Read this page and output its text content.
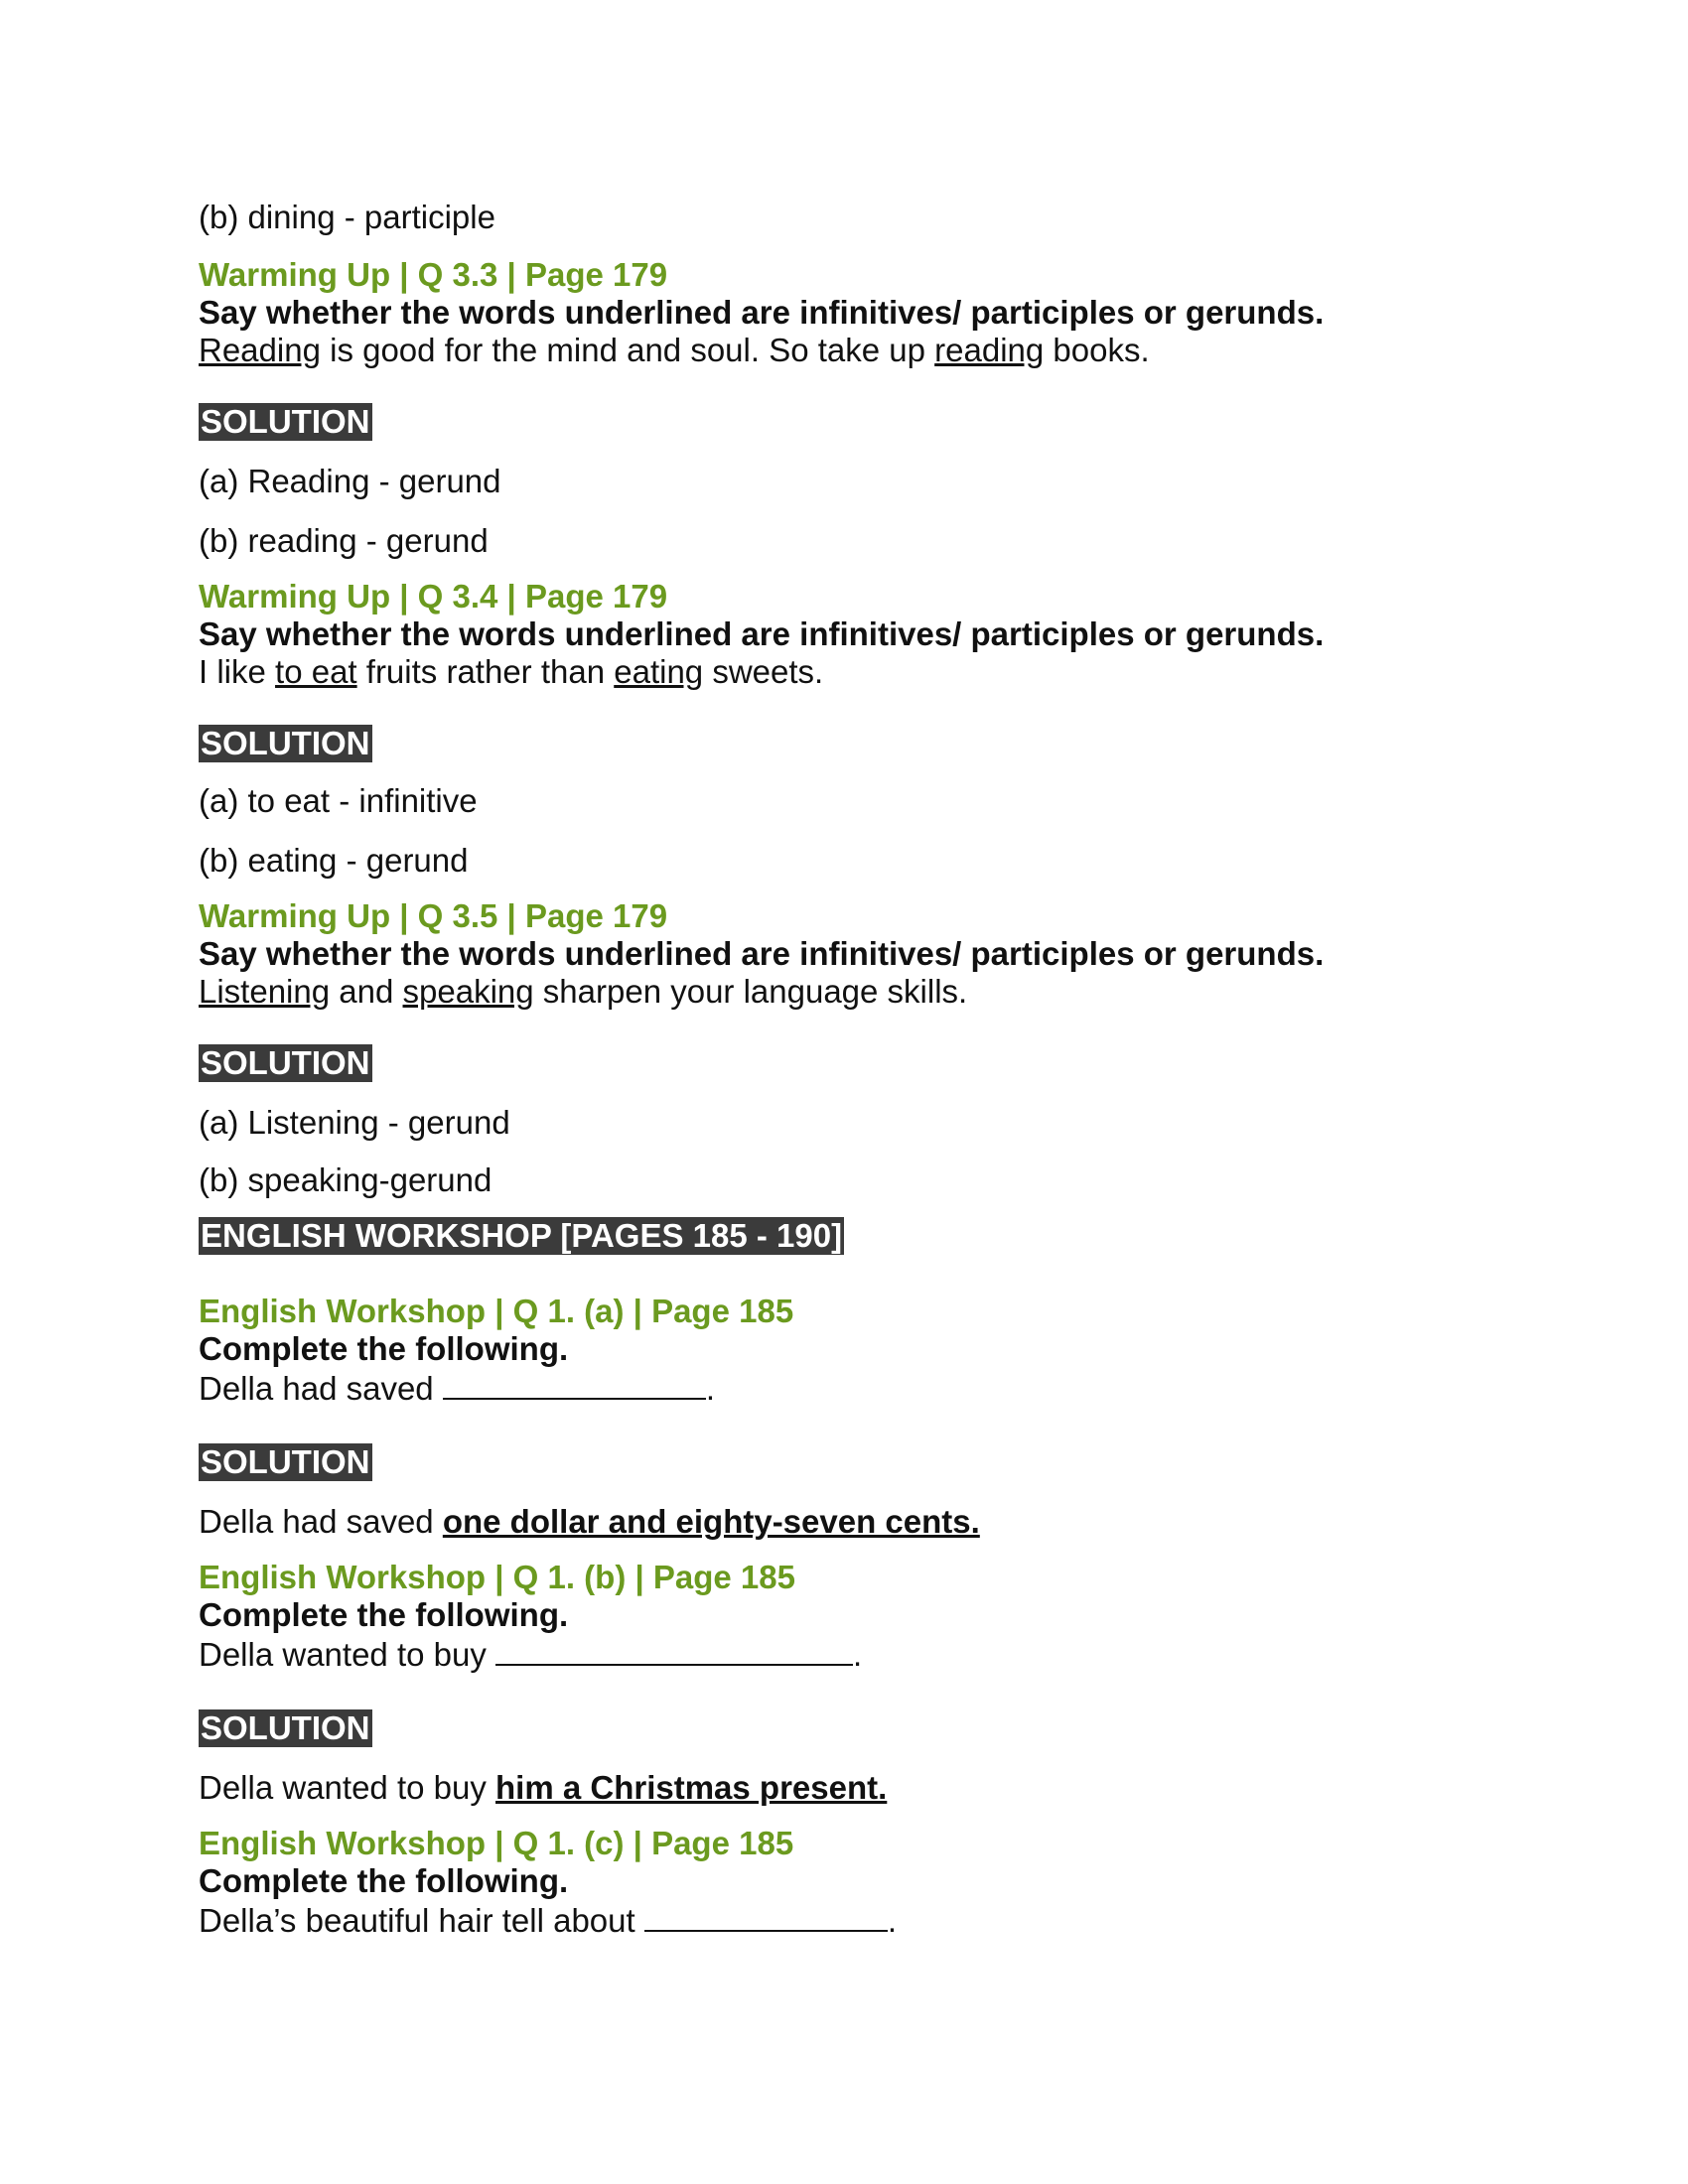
(b) dining - participle

Warming Up | Q 3.3 | Page 179

Say whether the words underlined are infinitives/ participles or gerunds.

Reading is good for the mind and soul. So take up reading books.

SOLUTION

(a) Reading - gerund

(b) reading - gerund

Warming Up | Q 3.4 | Page 179

Say whether the words underlined are infinitives/ participles or gerunds.

I like to eat fruits rather than eating sweets.

SOLUTION

(a) to eat - infinitive

(b) eating - gerund

Warming Up | Q 3.5 | Page 179

Say whether the words underlined are infinitives/ participles or gerunds.

Listening and speaking sharpen your language skills.

SOLUTION

(a) Listening - gerund

(b) speaking-gerund

ENGLISH WORKSHOP [PAGES 185 - 190]

English Workshop | Q 1. (a) | Page 185

Complete the following.

Della had saved	.

SOLUTION

Della had saved one dollar and eighty-seven cents.

English Workshop | Q 1. (b) | Page 185

Complete the following.

Della wanted to buy	.

SOLUTION

Della wanted to buy him a Christmas present.

English Workshop | Q 1. (c) | Page 185

Complete the following.

Della’s beautiful hair tell about	.
